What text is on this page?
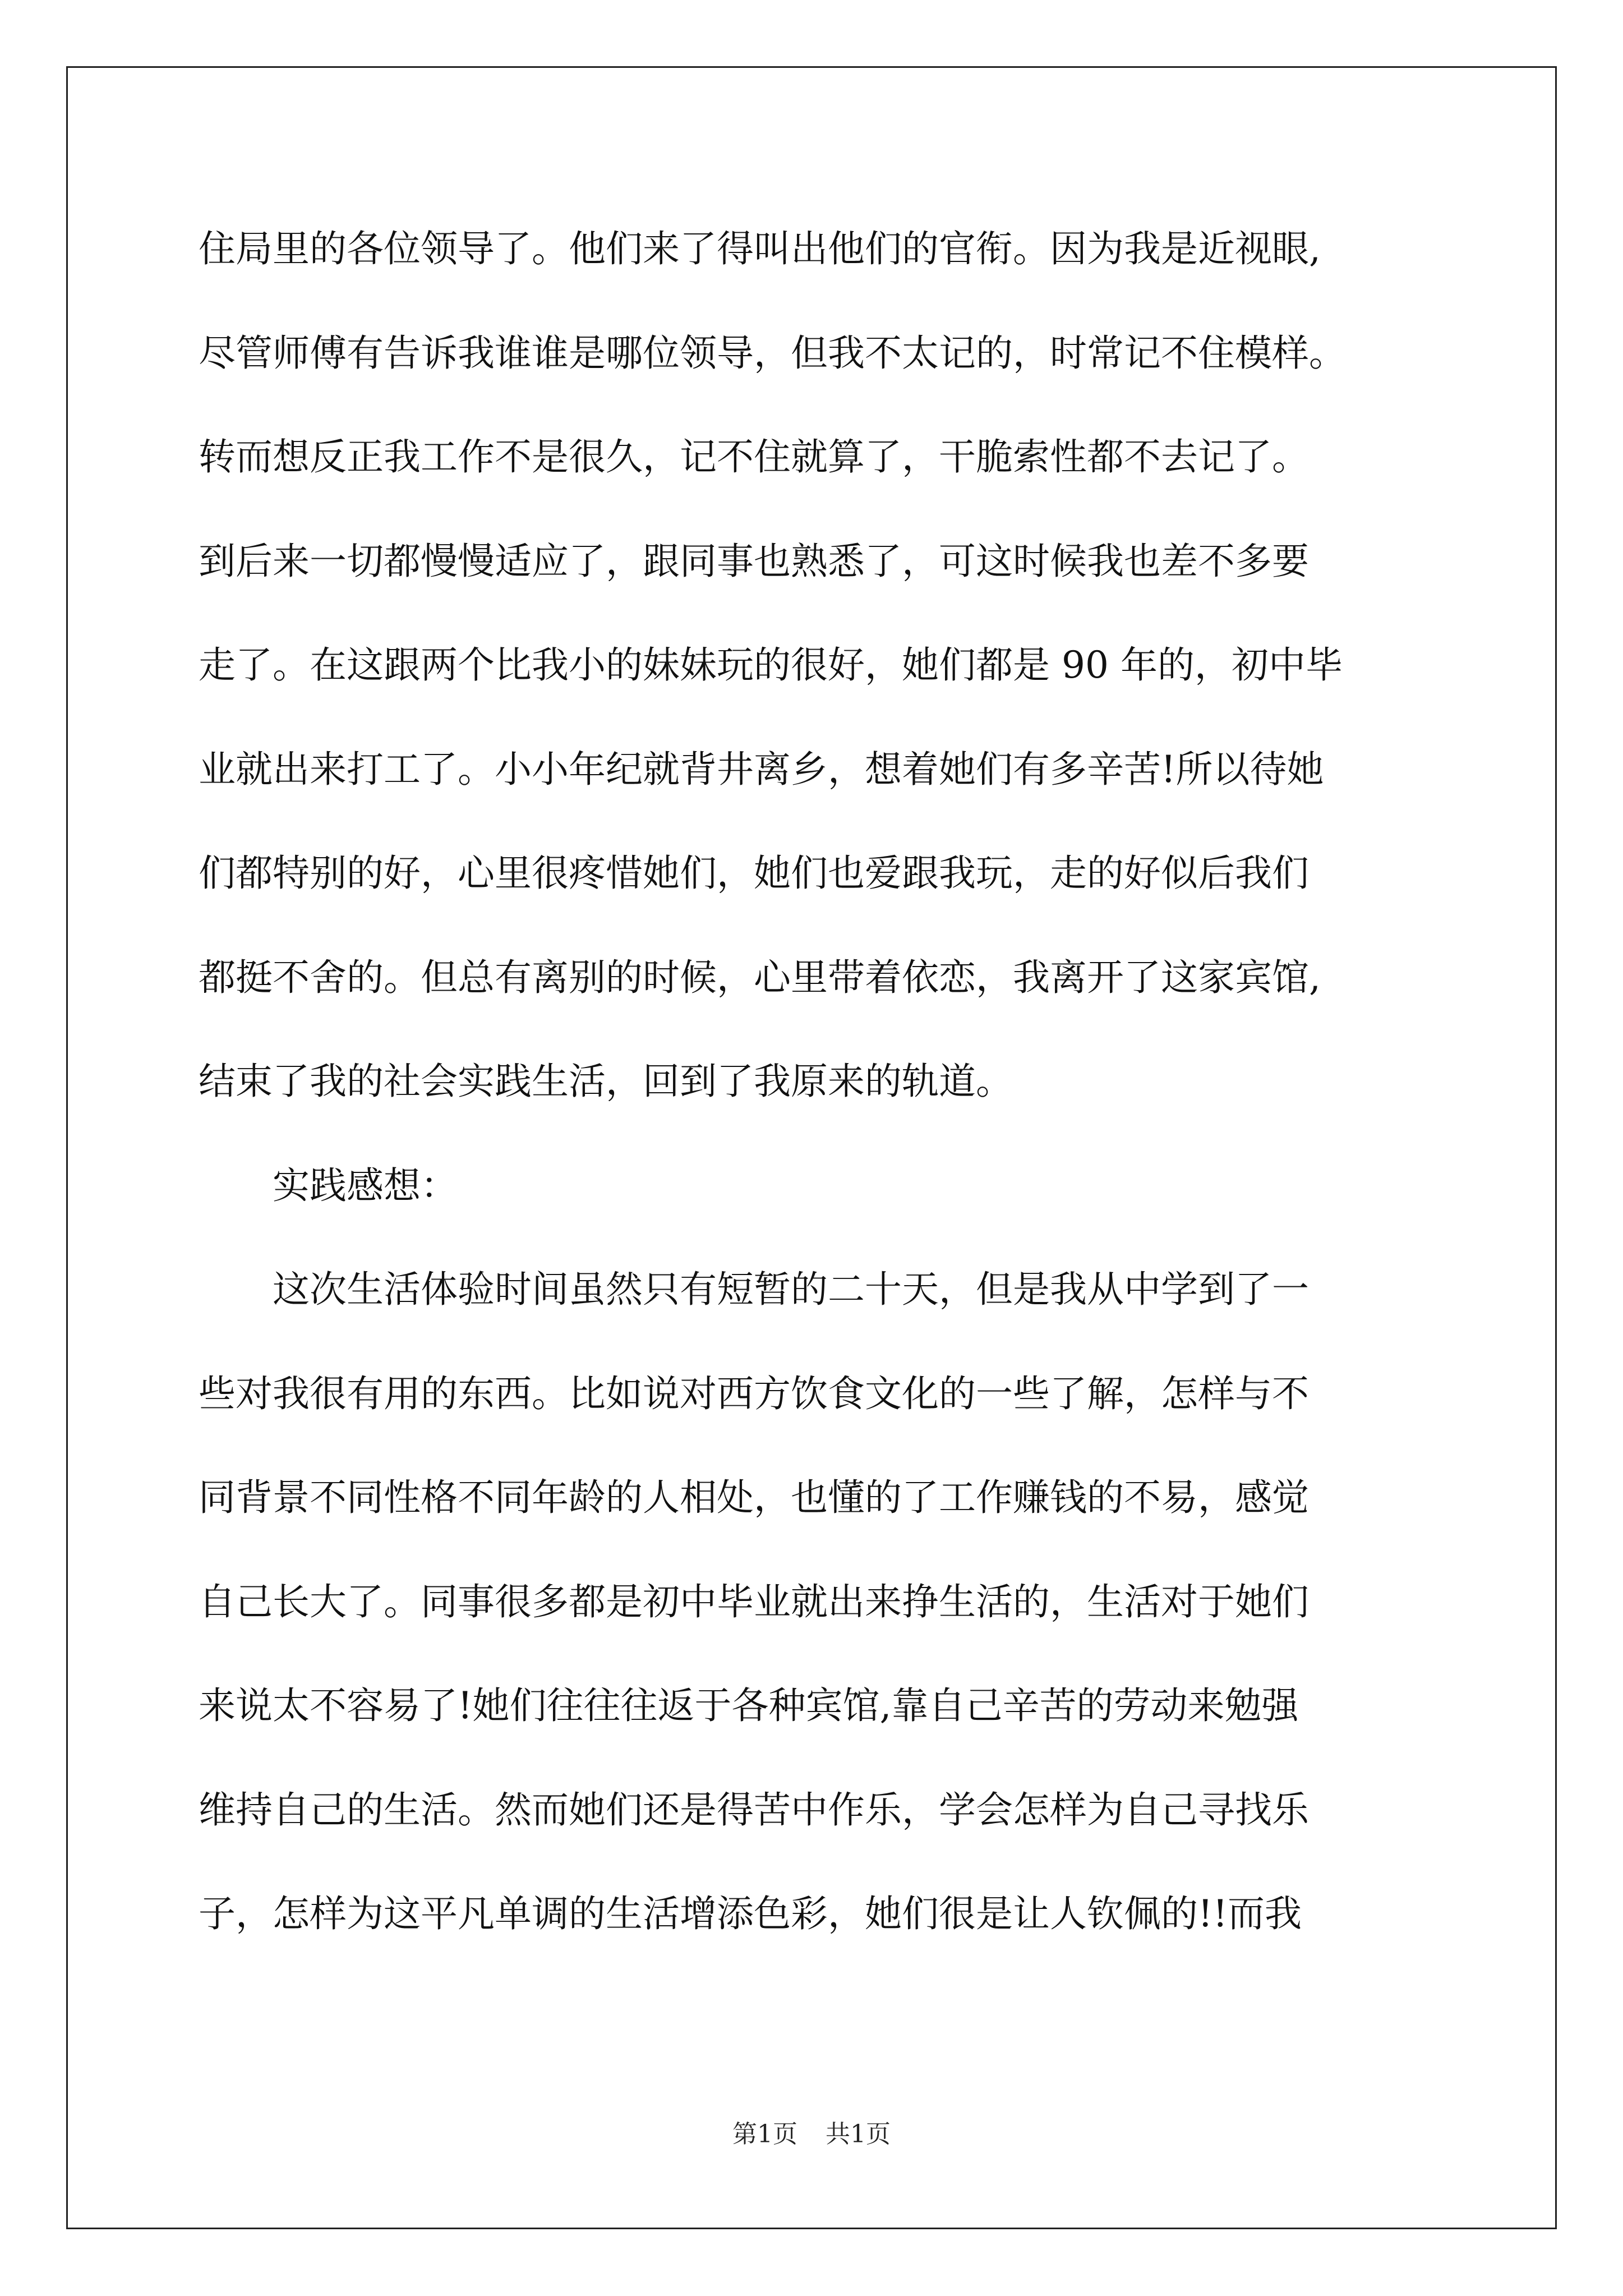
住局里的各位领导了。他们来了得叫出他们的官衔。因为我是近视眼,
尽管师傅有告诉我谁谁是哪位领导，但我不太记的，时常记不住模样。
转而想反正我工作不是很久，记不住就算了，干脆索性都不去记了。
到后来一切都慢慢适应了，跟同事也熟悉了，可这时候我也差不多要
走了。在这跟两个比我小的妹妹玩的很好，她们都是 90 年的，初中毕
业就出来打工了。小小年纪就背井离乡，想着她们有多辛苦!所以待她
们都特别的好，心里很疼惜她们，她们也爱跟我玩，走的好似后我们
都挺不舍的。但总有离别的时候，心里带着依恋，我离开了这家宾馆,
结束了我的社会实践生活，回到了我原来的轨道。
　　实践感想：
　　这次生活体验时间虽然只有短暂的二十天，但是我从中学到了一
些对我很有用的东西。比如说对西方饮食文化的一些了解，怎样与不
同背景不同性格不同年龄的人相处，也懂的了工作赚钱的不易，感觉
自己长大了。同事很多都是初中毕业就出来挣生活的，生活对于她们
来说太不容易了!她们往往往返于各种宾馆,靠自己辛苦的劳动来勉强
维持自己的生活。然而她们还是得苦中作乐，学会怎样为自己寻找乐
子，怎样为这平凡单调的生活增添色彩，她们很是让人钦佩的!!而我
第1页 共1页
